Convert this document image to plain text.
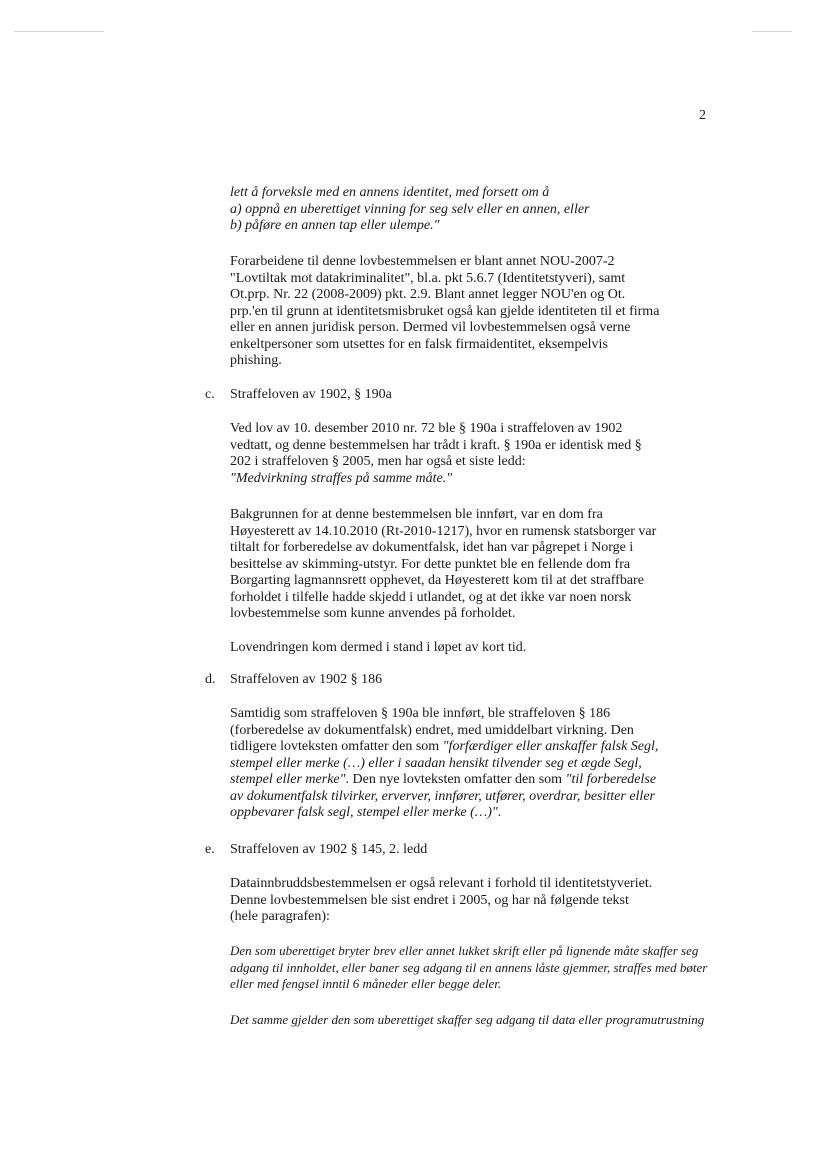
2
lett å forveksle med en annens identitet, med forsett om å
a) oppnå en uberettiget vinning for seg selv eller en annen, eller
b) påføre en annen tap eller ulempe."
Forarbeidene til denne lovbestemmelsen er blant annet NOU-2007-2
"Lovtiltak mot datakriminalitet", bl.a. pkt 5.6.7 (Identitetstyveri), samt
Ot.prp. Nr. 22 (2008-2009) pkt. 2.9. Blant annet legger NOU'en og Ot.
prp.'en til grunn at identitetsmisbruket også kan gjelde identiteten til et firma
eller en annen juridisk person. Dermed vil lovbestemmelsen også verne
enkeltpersoner som utsettes for en falsk firmaidentitet, eksempelvis
phishing.
c. Straffeloven av 1902, § 190a
Ved lov av 10. desember 2010 nr. 72 ble § 190a i straffeloven av 1902
vedtatt, og denne bestemmelsen har trådt i kraft. § 190a er identisk med §
202 i straffeloven § 2005, men har også et siste ledd:
"Medvirkning straffes på samme måte."
Bakgrunnen for at denne bestemmelsen ble innført, var en dom fra
Høyesterett av 14.10.2010 (Rt-2010-1217), hvor en rumensk statsborger var
tiltalt for forberedelse av dokumentfalsk, idet han var pågrepet i Norge i
besittelse av skimming-utstyr. For dette punktet ble en fellende dom fra
Borgarting lagmannsrett opphevet, da Høyesterett kom til at det straffbare
forholdet i tilfelle hadde skjedd i utlandet, og at det ikke var noen norsk
lovbestemmelse som kunne anvendes på forholdet.
Lovendringen kom dermed i stand i løpet av kort tid.
d. Straffeloven av 1902 § 186

Samtidig som straffeloven § 190a ble innført, ble straffeloven § 186 (forberedelse av dokumentfalsk) endret, med umiddelbart virkning. Den tidligere lovteksten omfatter den som "forfærdiger eller anskaffer falsk Segl, stempel eller merke (…) eller i saadan hensikt tilvender seg et ægde Segl, stempel eller merke". Den nye lovteksten omfatter den som "til forberedelse av dokumentfalsk tilvirker, erverver, innfører, utfører, overdrar, besitter eller oppbevarer falsk segl, stempel eller merke (…)".

e. Straffeloven av 1902 § 145, 2. ledd
Datainnbruddsbestemmelsen er også relevant i forhold til identitetstyveriet.
Denne lovbestemmelsen ble sist endret i 2005, og har nå følgende tekst
(hele paragrafen):
Den som uberettiget bryter brev eller annet lukket skrift eller på lignende måte skaffer seg
adgang til innholdet, eller baner seg adgang til en annens låste gjemmer, straffes med bøter
eller med fengsel inntil 6 måneder eller begge deler.
Det samme gjelder den som uberettiget skaffer seg adgang til data eller programutrustning
